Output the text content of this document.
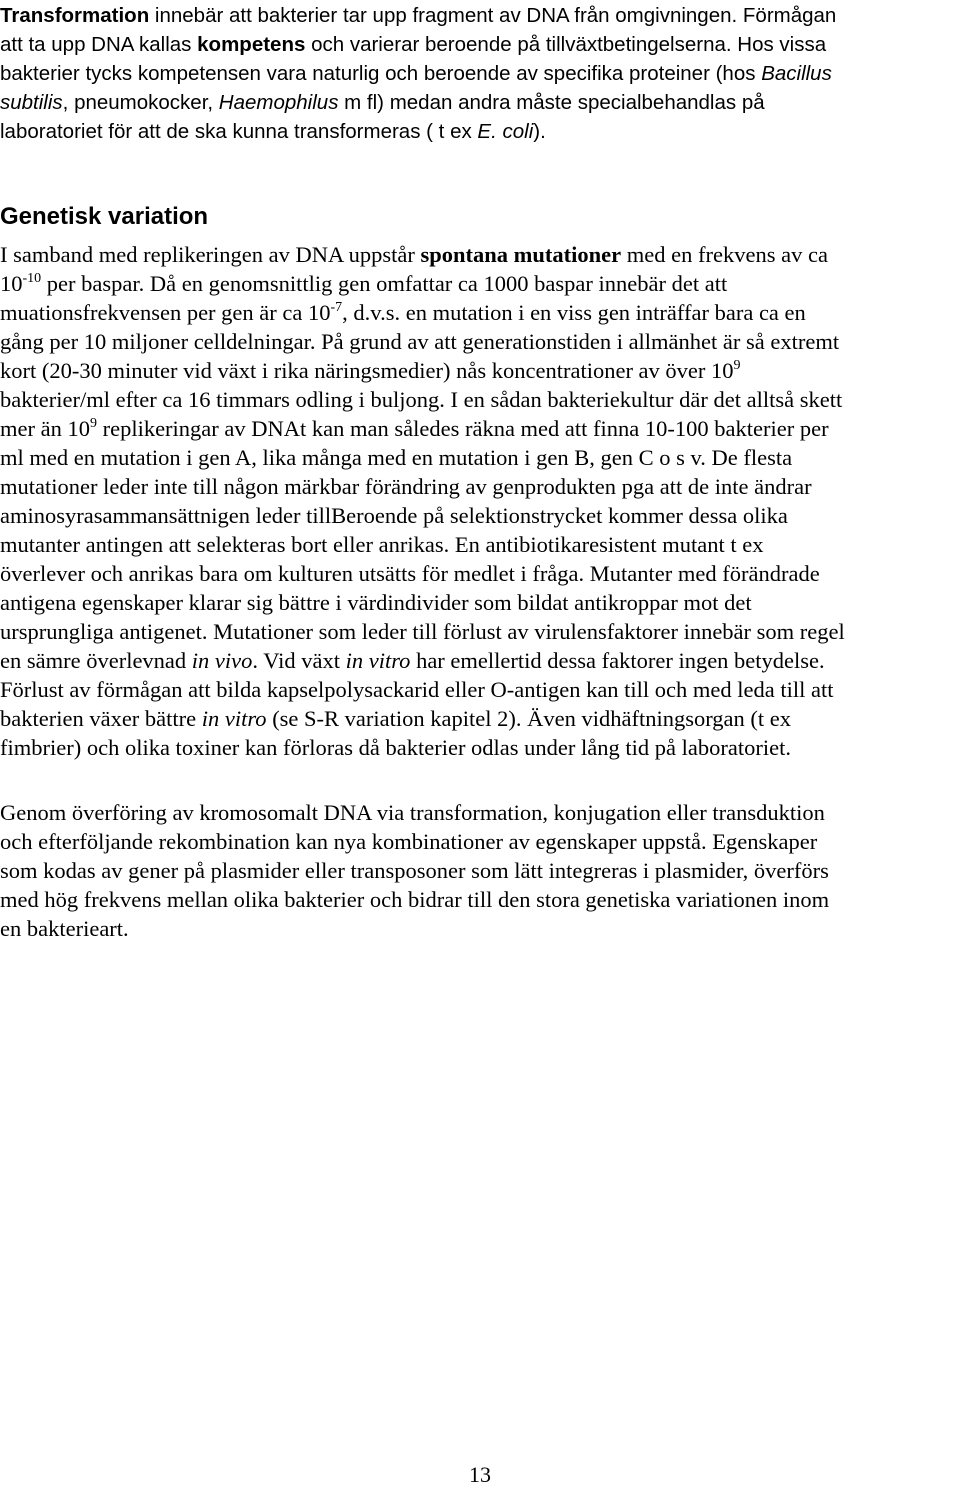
Transformation innebär att bakterier tar upp fragment av DNA från omgivningen. Förmågan
att ta upp DNA kallas kompetens och varierar beroende på tillväxtbetingelserna. Hos vissa
bakterier tycks kompetensen vara naturlig och beroende av specifika proteiner (hos Bacillus
subtilis, pneumokocker, Haemophilus m fl) medan andra måste specialbehandlas på
laboratoriet för att de ska kunna transformeras ( t ex E. coli).
Genetisk variation
I samband med replikeringen av DNA uppstår spontana mutationer med en frekvens av ca
$10^{-10}$ per baspar. Då en genomsnittlig gen omfattar ca 1000 baspar innebär det att
muationsfrekvensen per gen är ca $10^{-7}$, d.v.s. en mutation i en viss gen inträffar bara ca en
gång per 10 miljoner celldelningar. På grund av att generationstiden i allmänhet är så extremt
kort (20-30 minuter vid växt i rika näringsmedier) nås koncentrationer av över $10^9$
bakterier/ml efter ca 16 timmars odling i buljong. I en sådan bakteriekultur där det alltså skett
mer än $10^9$ replikeringar av DNAt kan man således räkna med att finna 10-100 bakterier per
ml med en mutation i gen A, lika många med en mutation i gen B, gen C o s v. De flesta
mutationer leder inte till någon märkbar förändring av genprodukten pga att de inte ändrar
aminosyrasammansättnigen leder tillBeroende på selektionstrycket kommer dessa olika
mutanter antingen att selekteras bort eller anrikas. En antibiotikaresistent mutant t ex
överlever och anrikas bara om kulturen utsätts för medlet i fråga. Mutanter med förändrade
antigena egenskaper klarar sig bättre i värdindivider som bildat antikroppar mot det
ursprungliga antigenet. Mutationer som leder till förlust av virulensfaktorer innebär som regel
en sämre överlevnad in vivo. Vid växt in vitro har emellertid dessa faktorer ingen betydelse.
Förlust av förmågan att bilda kapselpolysackarid eller O-antigen kan till och med leda till att
bakterien växer bättre in vitro (se S-R variation kapitel 2). Även vidhäftningsorgan (t ex
fimbrier) och olika toxiner kan förloras då bakterier odlas under lång tid på laboratoriet.
Genom överföring av kromosomalt DNA via transformation, konjugation eller transduktion
och efterföljande rekombination kan nya kombinationer av egenskaper uppstå. Egenskaper
som kodas av gener på plasmider eller transposoner som lätt integreras i plasmider, överförs
med hög frekvens mellan olika bakterier och bidrar till den stora genetiska variationen inom
en bakterieart.
13
